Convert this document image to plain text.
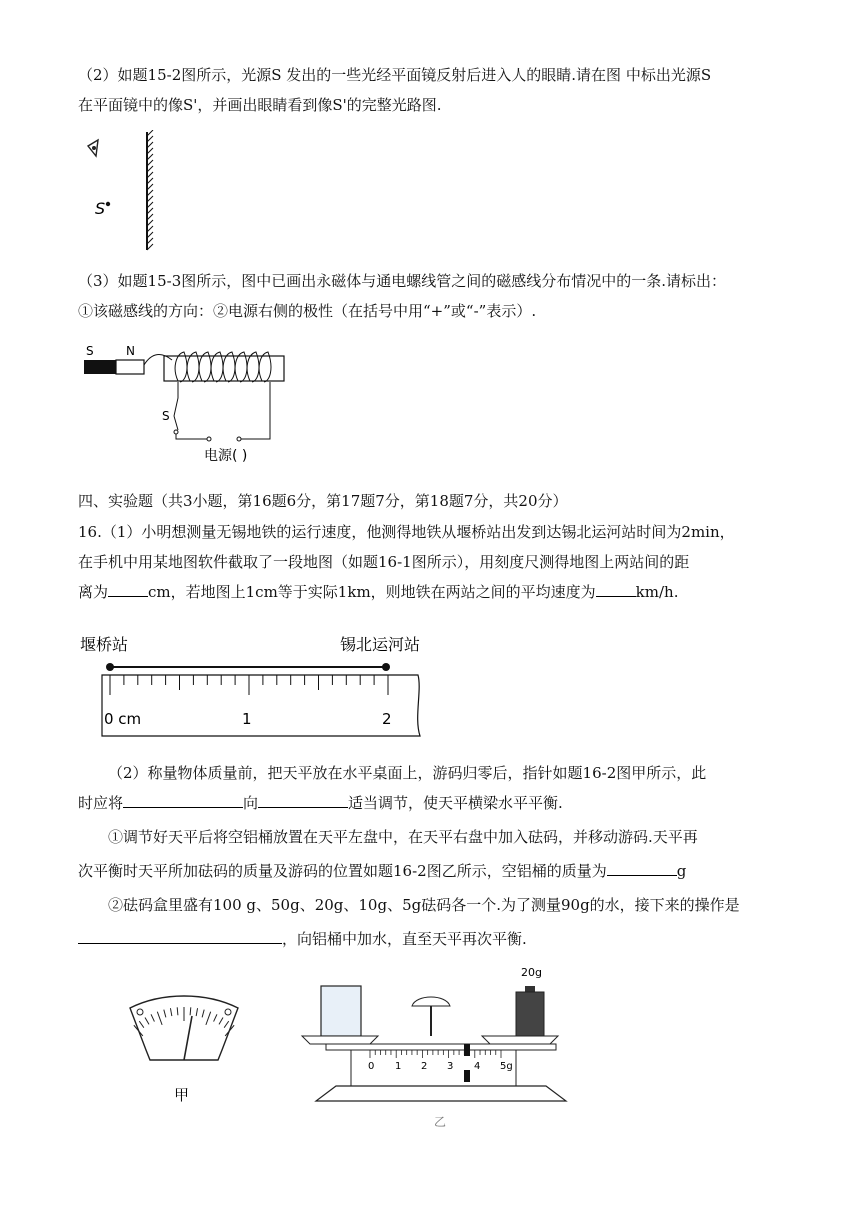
（2）如题15-2图所示，光源S 发出的一些光经平面镜反射后进入人的眼睛.请在图 中标出光源S

在平面镜中的像S'，并画出眼睛看到像S'的完整光路图.

S

（3）如题15-3图所示，图中已画出永磁体与通电螺线管之间的磁感线分布情况中的一条.请标出：

①该磁感线的方向：②电源右侧的极性（在括号中用“+”或“-”表示）.

S	N
S
电源( )

四、实验题（共3小题，第16题6分，第17题7分，第18题7分，共20分）

16.（1）小明想测量无锡地铁的运行速度，他测得地铁从堰桥站出发到达锡北运河站时间为2min，

在手机中用某地图软件截取了一段地图（如题16-1图所示），用刻度尺测得地图上两站间的距

离为	cm，若地图上1cm等于实际1km，则地铁在两站之间的平均速度为	km/h.

堰桥站	锡北运河站
0 cm	1	2

（2）称量物体质量前，把天平放在水平桌面上，游码归零后，指针如题16-2图甲所示，此

时应将	向	适当调节，使天平横梁水平平衡.

①调节好天平后将空铝桶放置在天平左盘中，在天平右盘中加入砝码，并移动游码.天平再

次平衡时天平所加砝码的质量及游码的位置如题16-2图乙所示，空铝桶的质量为	g

②砝码盒里盛有100 g、50g、20g、10g、5g砝码各一个.为了测量90g的水，接下来的操作是

，向铝桶中加水，直至天平再次平衡.

甲
20g
0 1 2 3 4 5g
乙
